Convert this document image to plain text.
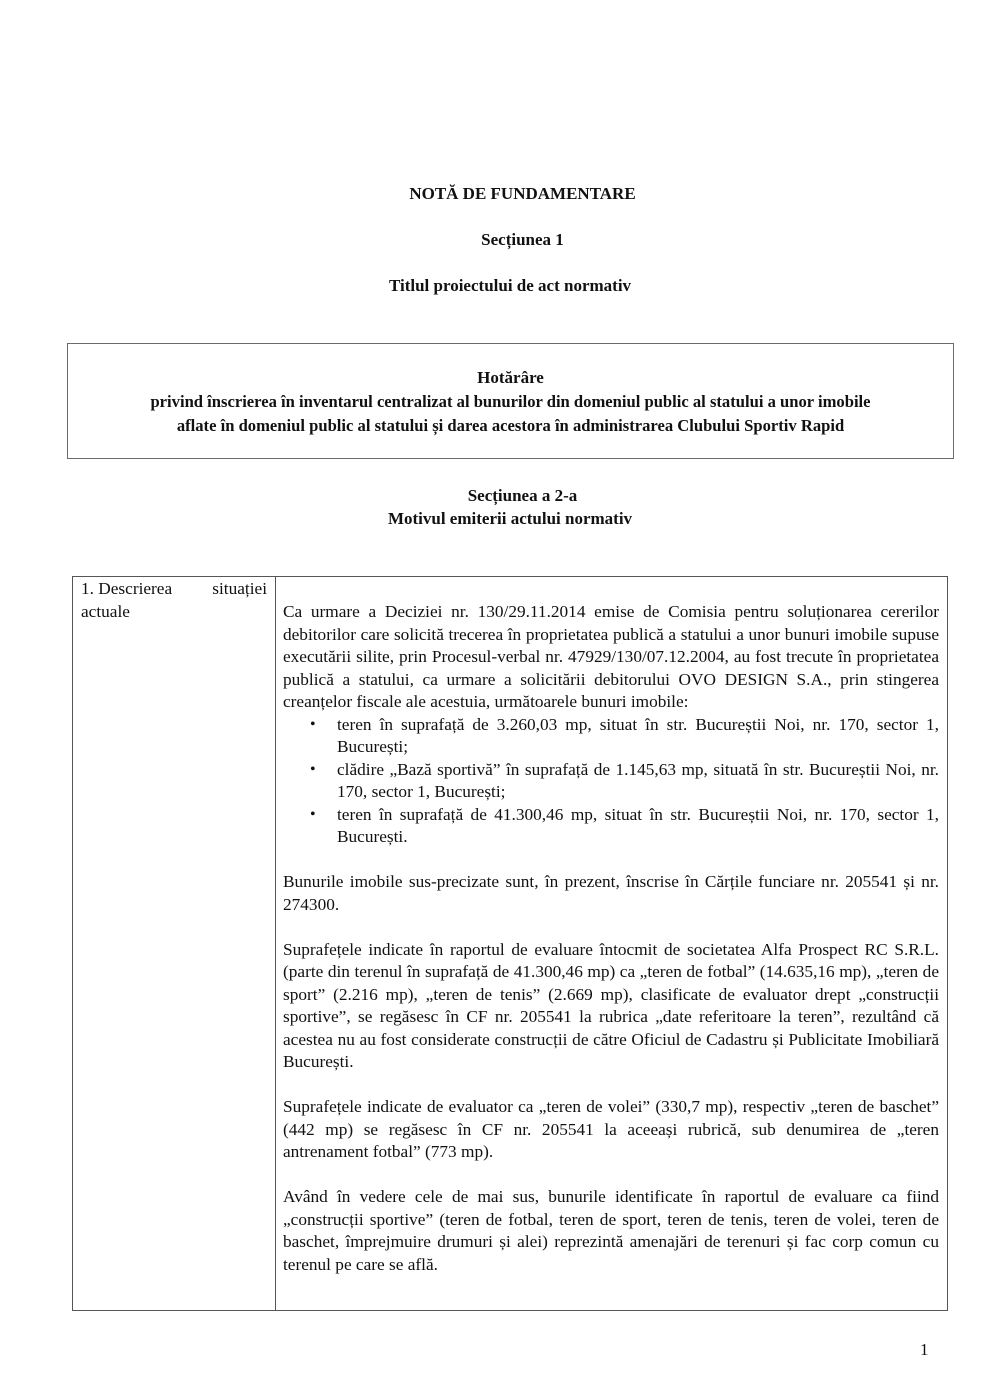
NOTĂ DE FUNDAMENTARE
Secțiunea 1
Titlul proiectului de act normativ
Hotărâre
privind înscrierea în inventarul centralizat al bunurilor din domeniul public al statului a unor imobile
aflate în domeniul public al statului și darea acestora în administrarea Clubului Sportiv Rapid
Secțiunea a 2-a
Motivul emiterii actului normativ
1. Descrierea situației
actuale	Ca urmare a Deciziei nr. 130/29.11.2014 emise de Comisia pentru soluționarea cererilor debitorilor care solicită trecerea în proprietatea publică a statului a unor bunuri imobile supuse executării silite, prin Procesul-verbal nr. 47929/130/07.12.2004, au fost trecute în proprietatea publică a statului, ca urmare a solicitării debitorului OVO DESIGN S.A., prin stingerea creanțelor fiscale ale acestuia, următoarele bunuri imobile:

• teren în suprafață de 3.260,03 mp, situat în str. Bucureștii Noi, nr. 170, sector 1, București;
• clădire „Bază sportivă” în suprafață de 1.145,63 mp, situată în str. Bucureștii Noi, nr. 170, sector 1, București;
• teren în suprafață de 41.300,46 mp, situat în str. Bucureștii Noi, nr. 170, sector 1, București.

Bunurile imobile sus-precizate sunt, în prezent, înscrise în Cărțile funciare nr. 205541 și nr. 274300.

Suprafețele indicate în raportul de evaluare întocmit de societatea Alfa Prospect RC S.R.L. (parte din terenul în suprafață de 41.300,46 mp) ca „teren de fotbal” (14.635,16 mp), „teren de sport” (2.216 mp), „teren de tenis” (2.669 mp), clasificate de evaluator drept „construcții sportive”, se regăsesc în CF nr. 205541 la rubrica „date referitoare la teren”, rezultând că acestea nu au fost considerate construcții de către Oficiul de Cadastru și Publicitate Imobiliară București.

Suprafețele indicate de evaluator ca „teren de volei” (330,7 mp), respectiv „teren de baschet” (442 mp) se regăsesc în CF nr. 205541 la aceeași rubrică, sub denumirea de „teren antrenament fotbal” (773 mp).

Având în vedere cele de mai sus, bunurile identificate în raportul de evaluare ca fiind „construcții sportive” (teren de fotbal, teren de sport, teren de tenis, teren de volei, teren de baschet, împrejmuire drumuri și alei) reprezintă amenajări de terenuri și fac corp comun cu terenul pe care se află.

1
